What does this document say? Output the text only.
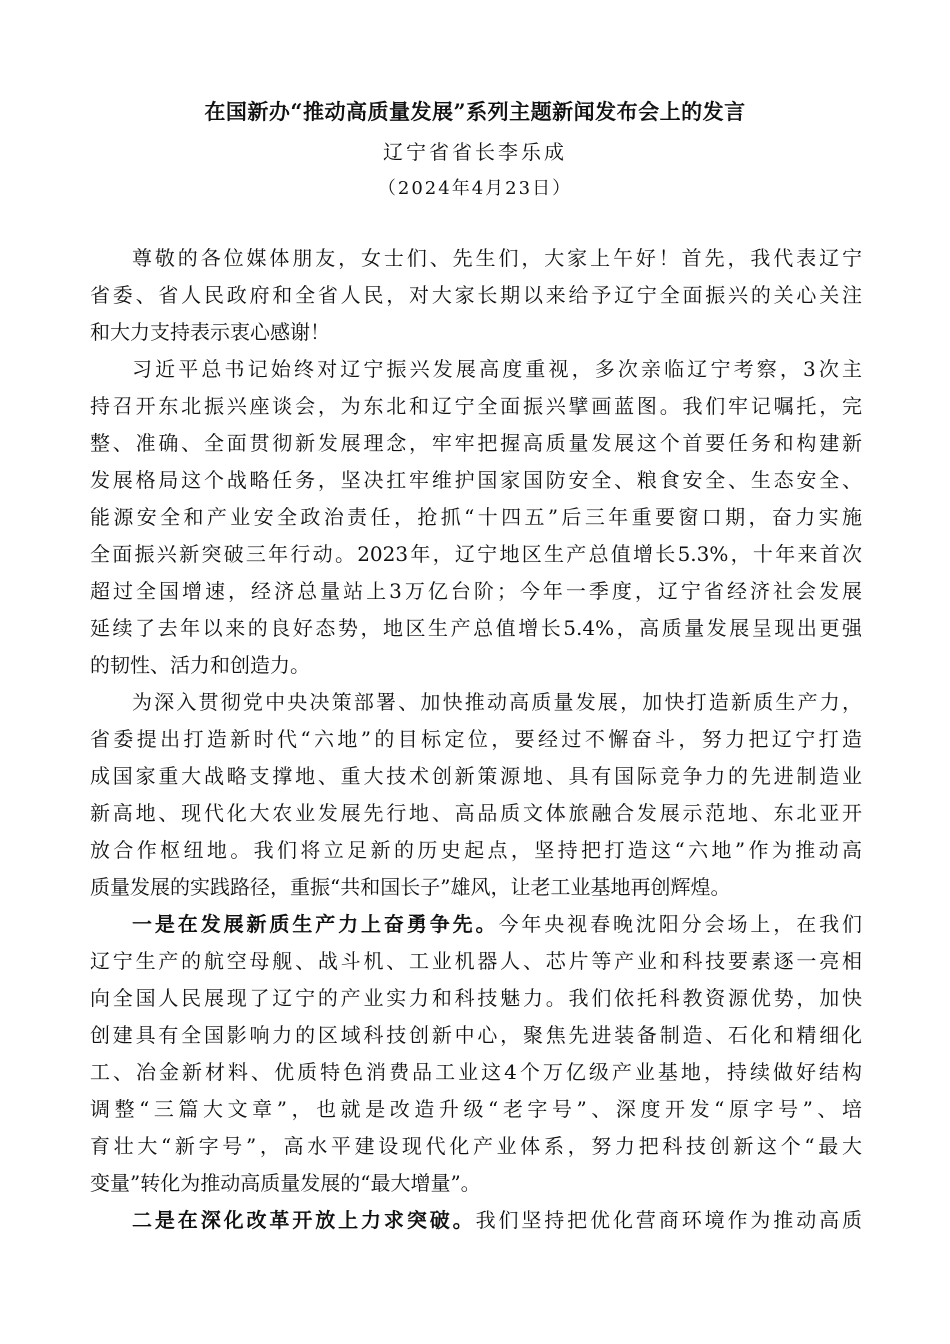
在国新办“推动高质量发展”系列主题新闻发布会上的发言
辽宁省省长李乐成
（2024年4月23日）
尊敬的各位媒体朋友，女士们、先生们，大家上午好！首先，我代表辽宁
省委、省人民政府和全省人民，对大家长期以来给予辽宁全面振兴的关心关注
和大力支持表示衷心感谢！
习近平总书记始终对辽宁振兴发展高度重视，多次亲临辽宁考察，3次主
持召开东北振兴座谈会，为东北和辽宁全面振兴擘画蓝图。我们牢记嘱托，完
整、准确、全面贯彻新发展理念，牢牢把握高质量发展这个首要任务和构建新
发展格局这个战略任务，坚决扛牢维护国家国防安全、粮食安全、生态安全、
能源安全和产业安全政治责任，抢抓“十四五”后三年重要窗口期，奋力实施
全面振兴新突破三年行动。2023年，辽宁地区生产总值增长5.3%，十年来首次
超过全国增速，经济总量站上3万亿台阶；今年一季度，辽宁省经济社会发展
延续了去年以来的良好态势，地区生产总值增长5.4%，高质量发展呈现出更强
的韧性、活力和创造力。
为深入贯彻党中央决策部署、加快推动高质量发展，加快打造新质生产力，
省委提出打造新时代“六地”的目标定位，要经过不懈奋斗，努力把辽宁打造
成国家重大战略支撑地、重大技术创新策源地、具有国际竞争力的先进制造业
新高地、现代化大农业发展先行地、高品质文体旅融合发展示范地、东北亚开
放合作枢纽地。我们将立足新的历史起点，坚持把打造这“六地”作为推动高
质量发展的实践路径，重振“共和国长子”雄风，让老工业基地再创辉煌。
一是在发展新质生产力上奋勇争先。今年央视春晚沈阳分会场上，在我们
辽宁生产的航空母舰、战斗机、工业机器人、芯片等产业和科技要素逐一亮相
向全国人民展现了辽宁的产业实力和科技魅力。我们依托科教资源优势，加快
创建具有全国影响力的区域科技创新中心，聚焦先进装备制造、石化和精细化
工、冶金新材料、优质特色消费品工业这4个万亿级产业基地，持续做好结构
调整“三篇大文章”，也就是改造升级“老字号”、深度开发“原字号”、培
育壮大“新字号”，高水平建设现代化产业体系，努力把科技创新这个“最大
变量”转化为推动高质量发展的“最大增量”。
二是在深化改革开放上力求突破。我们坚持把优化营商环境作为推动高质
